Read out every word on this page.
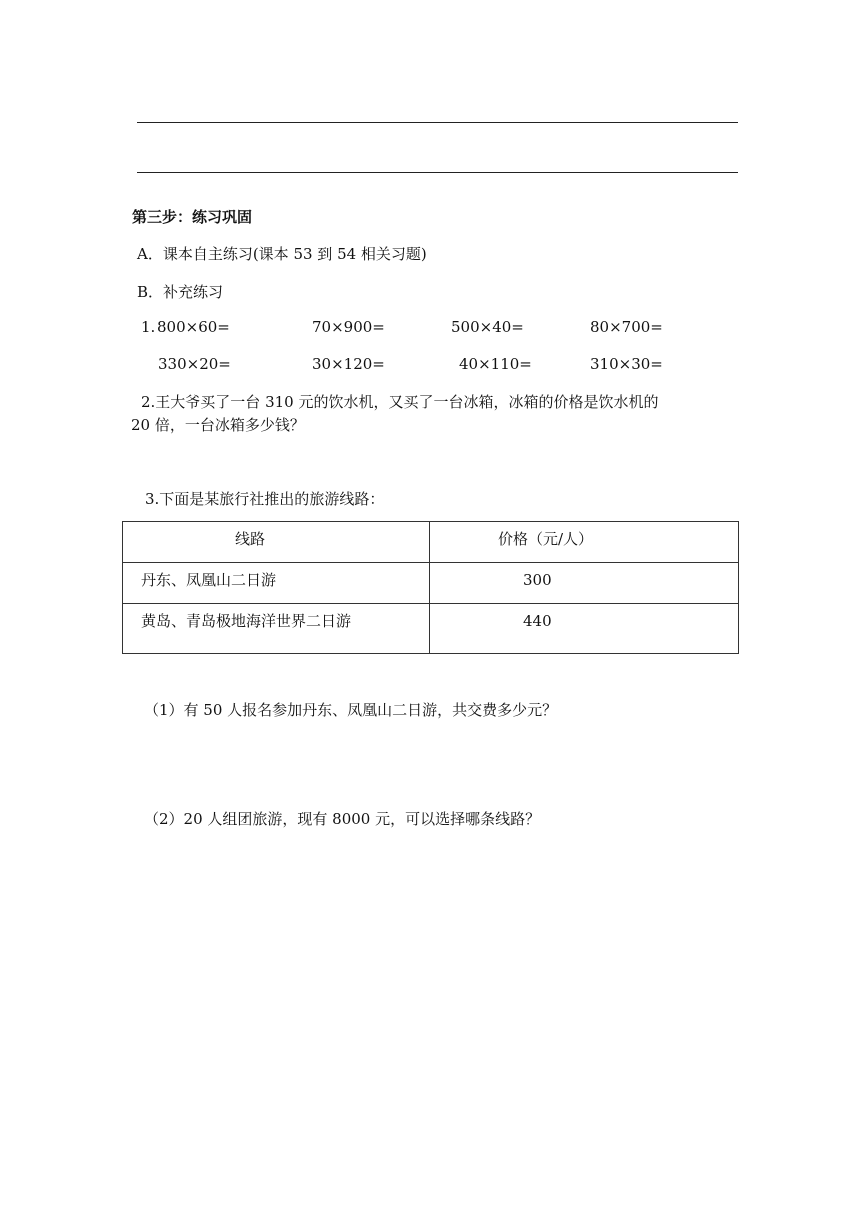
第三步：练习巩固
A．课本自主练习(课本 53 到 54 相关习题)
B．补充练习
1. 800×60=	70×900=	500×40=	80×700=
330×20=	30×120=	40×110=	310×30=
2.王大爷买了一台 310 元的饮水机，又买了一台冰箱，冰箱的价格是饮水机的
20 倍，一台冰箱多少钱？
3.下面是某旅行社推出的旅游线路：
线路	价格（元/人）

丹东、凤凰山二日游	300

黄岛、青岛极地海洋世界二日游	440
（1）有 50 人报名参加丹东、凤凰山二日游，共交费多少元？
（2）20 人组团旅游，现有 8000 元，可以选择哪条线路？
